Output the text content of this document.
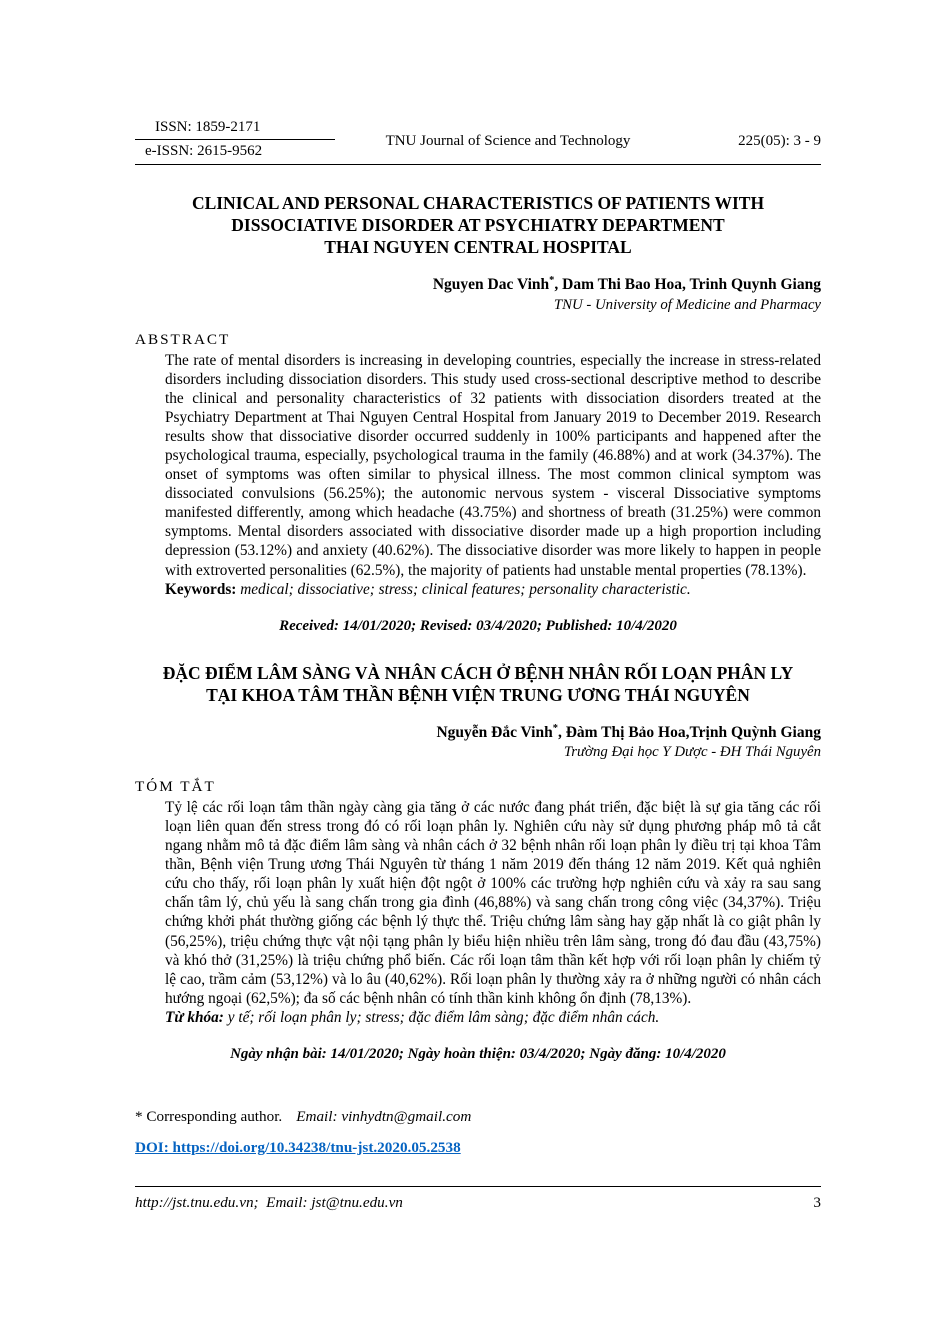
ISSN: 1859-2171
e-ISSN: 2615-9562
TNU Journal of Science and Technology	225(05): 3 - 9
CLINICAL AND PERSONAL CHARACTERISTICS OF PATIENTS WITH
DISSOCIATIVE DISORDER AT PSYCHIATRY DEPARTMENT
THAI NGUYEN CENTRAL HOSPITAL
Nguyen Dac Vinh*, Dam Thi Bao Hoa, Trinh Quynh Giang
TNU - University of Medicine and Pharmacy
ABSTRACT
The rate of mental disorders is increasing in developing countries, especially the increase in stress-related disorders including dissociation disorders. This study used cross-sectional descriptive method to describe the clinical and personality characteristics of 32 patients with dissociation disorders treated at the Psychiatry Department at Thai Nguyen Central Hospital from January 2019 to December 2019. Research results show that dissociative disorder occurred suddenly in 100% participants and happened after the psychological trauma, especially, psychological trauma in the family (46.88%) and at work (34.37%). The onset of symptoms was often similar to physical illness. The most common clinical symptom was dissociated convulsions (56.25%); the autonomic nervous system - visceral Dissociative symptoms manifested differently, among which headache (43.75%) and shortness of breath (31.25%) were common symptoms. Mental disorders associated with dissociative disorder made up a high proportion including depression (53.12%) and anxiety (40.62%). The dissociative disorder was more likely to happen in people with extroverted personalities (62.5%), the majority of patients had unstable mental properties (78.13%).
Keywords: medical; dissociative; stress; clinical features; personality characteristic.
Received: 14/01/2020; Revised: 03/4/2020; Published: 10/4/2020
ĐẶC ĐIỂM LÂM SÀNG VÀ NHÂN CÁCH Ở BỆNH NHÂN RỐI LOẠN PHÂN LY
TẠI KHOA TÂM THẦN BỆNH VIỆN TRUNG ƯƠNG THÁI NGUYÊN
Nguyễn Đắc Vinh*, Đàm Thị Bảo Hoa,Trịnh Quỳnh Giang
Trường Đại học Y Dược - ĐH Thái Nguyên
TÓM TẮT
Tỷ lệ các rối loạn tâm thần ngày càng gia tăng ở các nước đang phát triển, đặc biệt là sự gia tăng các rối loạn liên quan đến stress trong đó có rối loạn phân ly. Nghiên cứu này sử dụng phương pháp mô tả cắt ngang nhằm mô tả đặc điểm lâm sàng và nhân cách ở 32 bệnh nhân rối loạn phân ly điều trị tại khoa Tâm thần, Bệnh viện Trung ương Thái Nguyên từ tháng 1 năm 2019 đến tháng 12 năm 2019. Kết quả nghiên cứu cho thấy, rối loạn phân ly xuất hiện đột ngột ở 100% các trường hợp nghiên cứu và xảy ra sau sang chấn tâm lý, chủ yếu là sang chấn trong gia đình (46,88%) và sang chấn trong công việc (34,37%). Triệu chứng khởi phát thường giống các bệnh lý thực thể. Triệu chứng lâm sàng hay gặp nhất là co giật phân ly (56,25%), triệu chứng thực vật nội tạng phân ly biểu hiện nhiều trên lâm sàng, trong đó đau đầu (43,75%) và khó thở (31,25%) là triệu chứng phổ biến. Các rối loạn tâm thần kết hợp với rối loạn phân ly chiếm tỷ lệ cao, trầm cảm (53,12%) và lo âu (40,62%). Rối loạn phân ly thường xảy ra ở những người có nhân cách hướng ngoại (62,5%); đa số các bệnh nhân có tính thần kinh không ổn định (78,13%).
Từ khóa: y tế; rối loạn phân ly; stress; đặc điểm lâm sàng; đặc điểm nhân cách.
Ngày nhận bài: 14/01/2020; Ngày hoàn thiện: 03/4/2020; Ngày đăng: 10/4/2020
* Corresponding author. Email: vinhydtn@gmail.com
DOI: https://doi.org/10.34238/tnu-jst.2020.05.2538
http://jst.tnu.edu.vn;  Email: jst@tnu.edu.vn	3
